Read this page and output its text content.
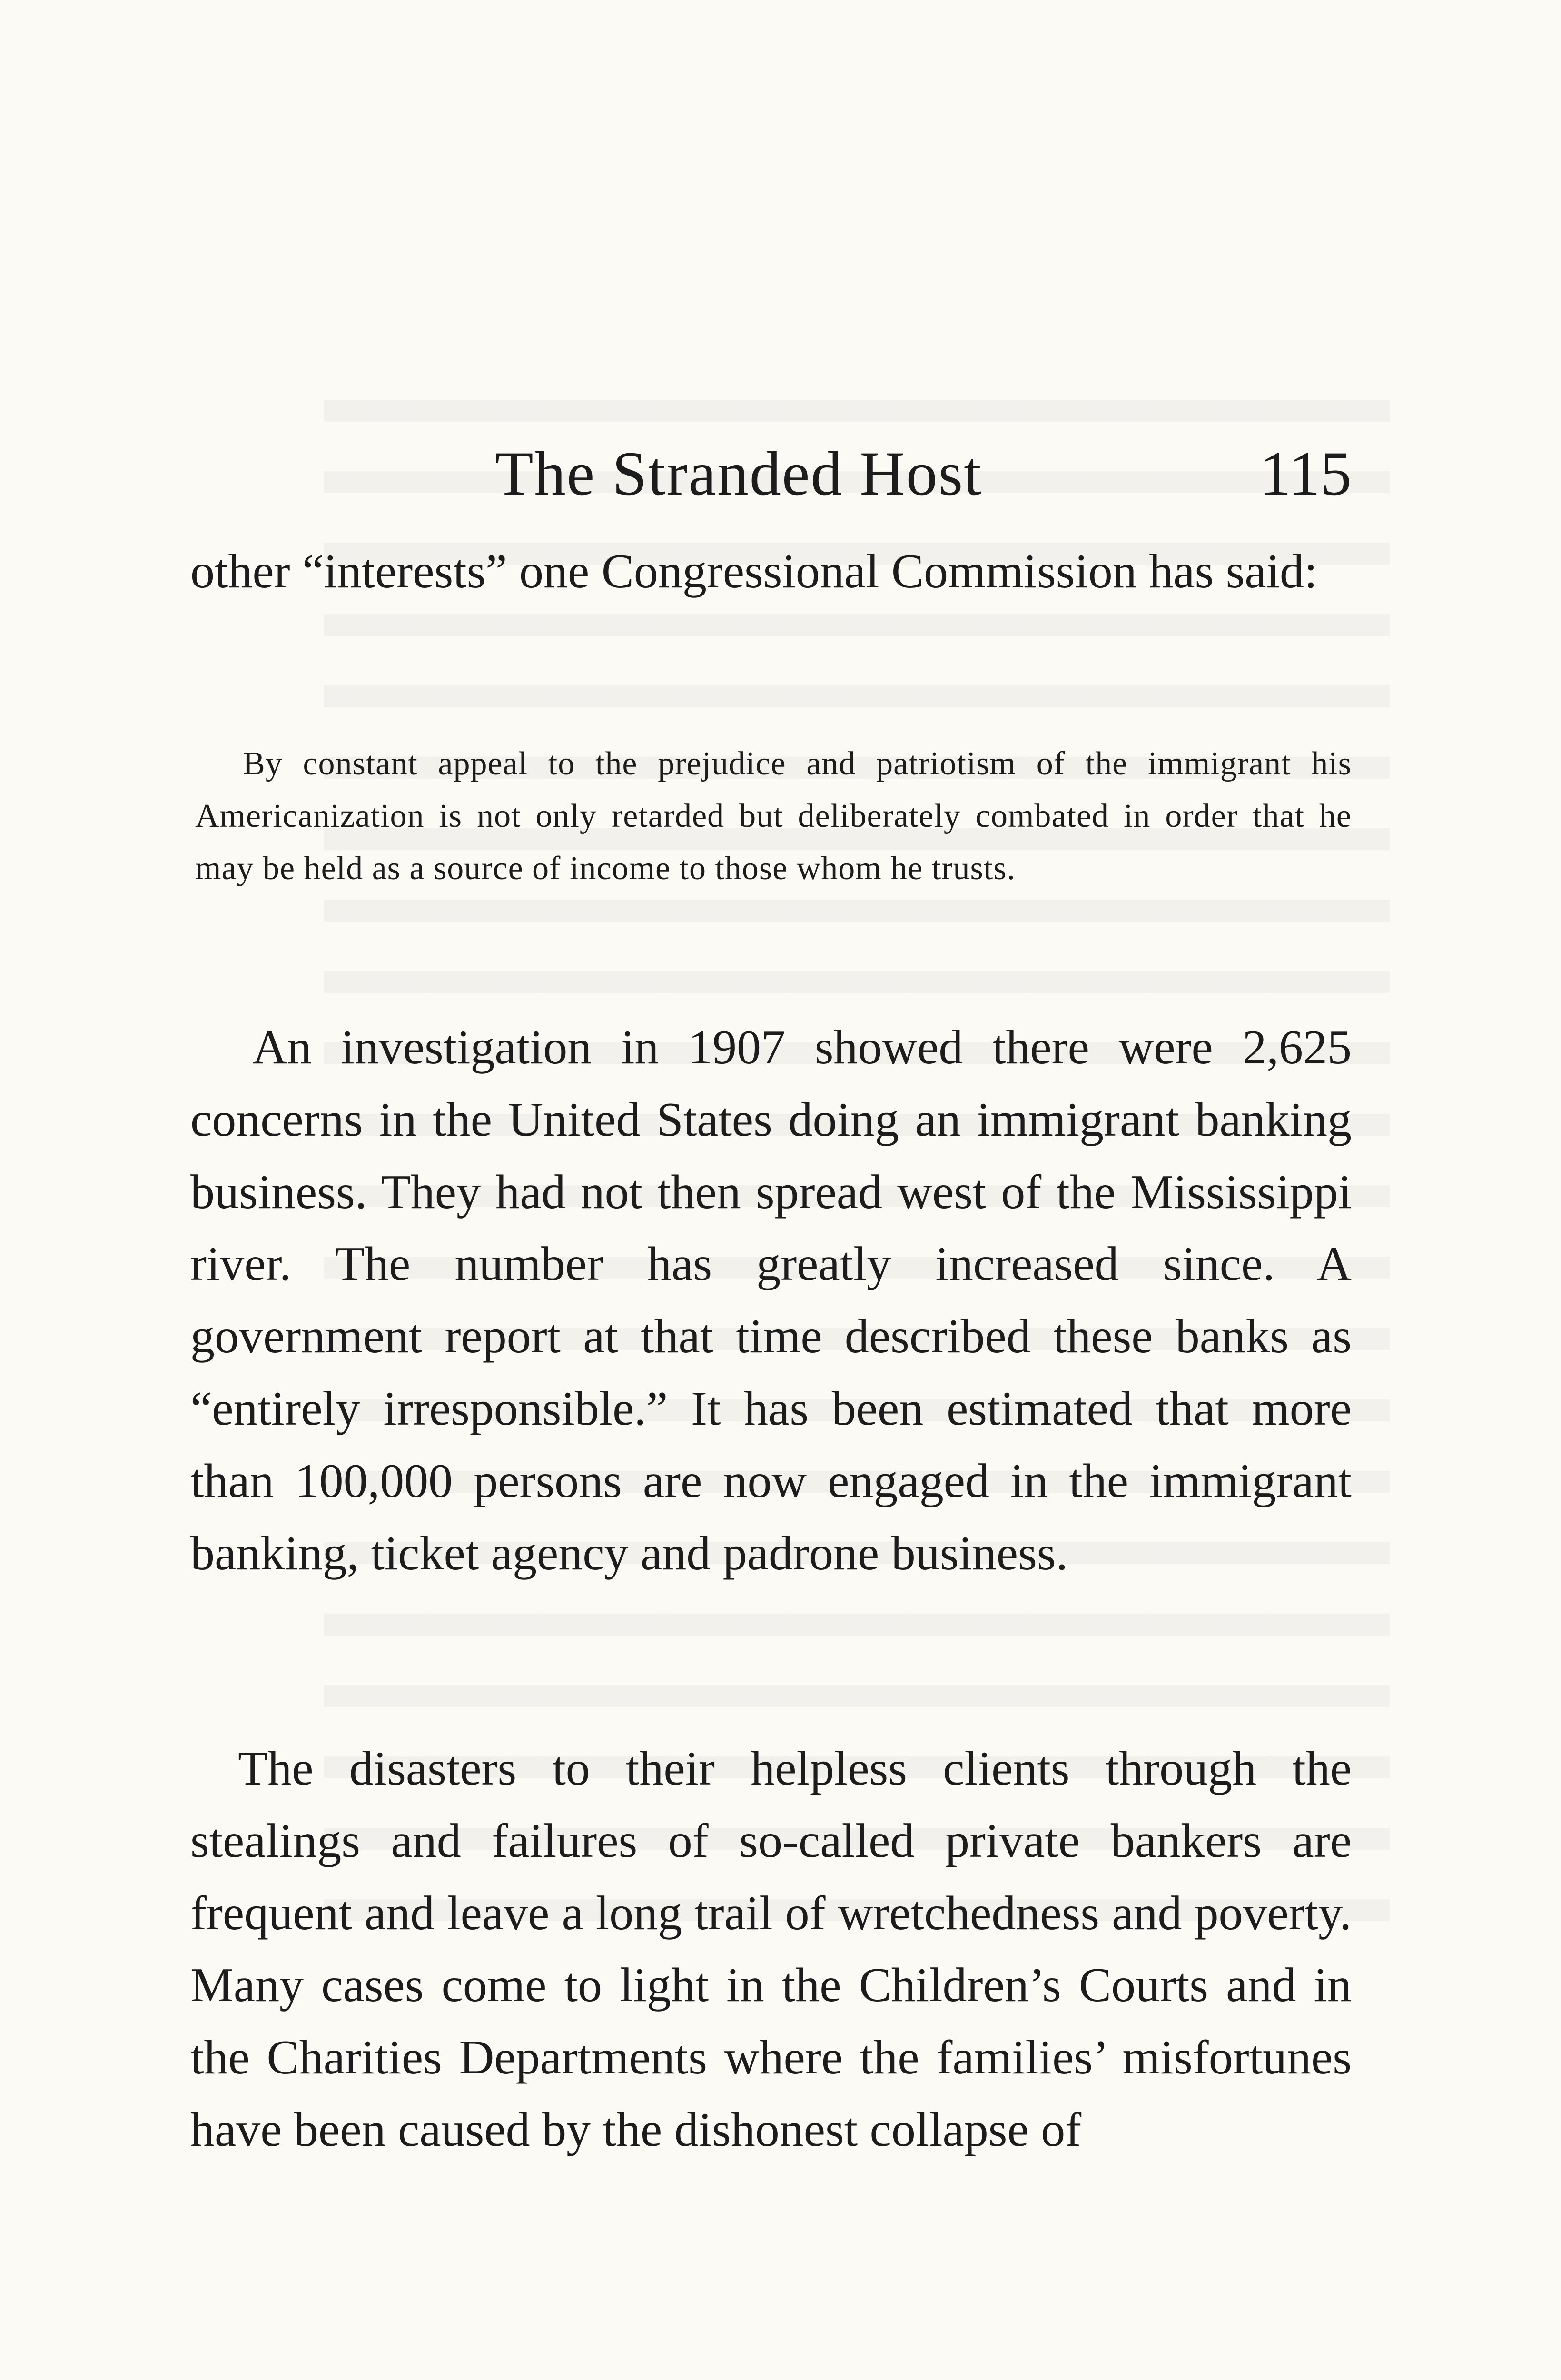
The Stranded Host	115

other “interests” one Congressional Commission has said:

By constant appeal to the prejudice and patriotism of the immigrant his Americanization is not only retarded but deliberately combated in order that he may be held as a source of income to those whom he trusts.

An investigation in 1907 showed there were 2,625 concerns in the United States doing an immigrant banking business. They had not then spread west of the Mississippi river. The number has greatly increased since. A government report at that time described these banks as “entirely irresponsible.” It has been estimated that more than 100,000 persons are now engaged in the immigrant banking, ticket agency and padrone business.

The disasters to their helpless clients through the stealings and failures of so-called private bankers are frequent and leave a long trail of wretchedness and poverty. Many cases come to light in the Children’s Courts and in the Charities Departments where the families’ misfortunes have been caused by the dishonest collapse of
